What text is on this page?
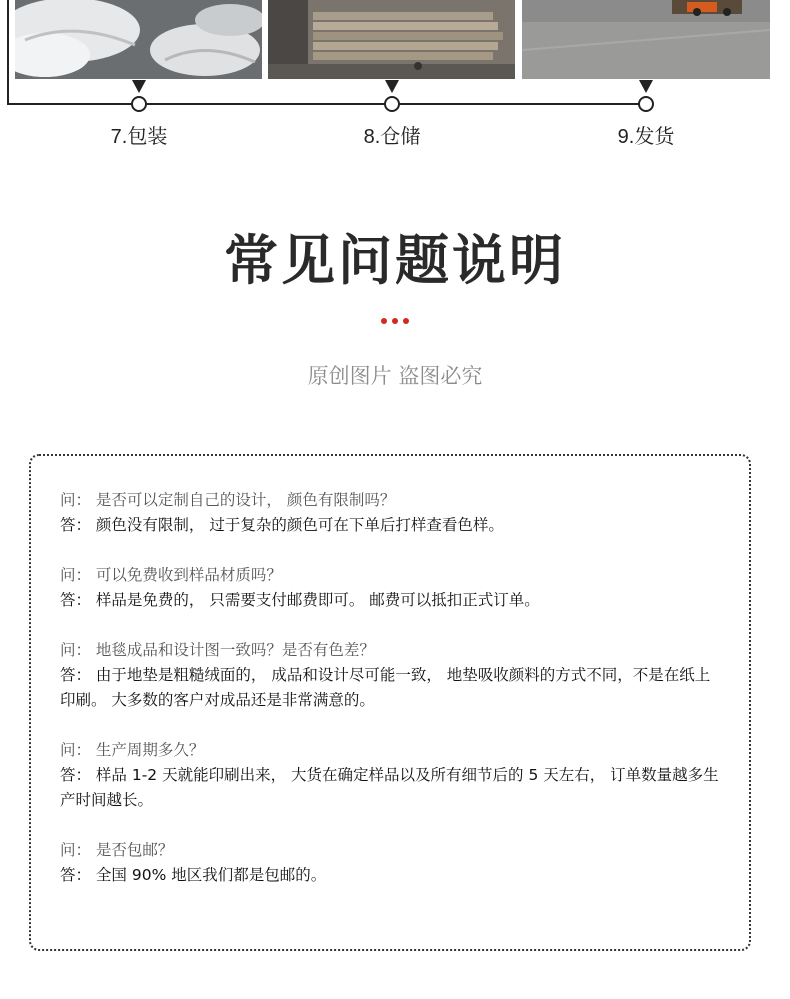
7.包装	8.仓储	9.发货
常见问题说明
原创图片 盗图必究
问： 是否可以定制自己的设计， 颜色有限制吗？
答： 颜色没有限制， 过于复杂的颜色可在下单后打样查看色样。
问： 可以免费收到样品材质吗？
答： 样品是免费的， 只需要支付邮费即可。 邮费可以抵扣正式订单。
问： 地毯成品和设计图一致吗？是否有色差？
答： 由于地垫是粗糙绒面的， 成品和设计尽可能一致， 地垫吸收颜料的方式不同，不是在纸上印刷。 大多数的客户对成品还是非常满意的。
问： 生产周期多久？
答： 样品 1-2 天就能印刷出来， 大货在确定样品以及所有细节后的 5 天左右， 订单数量越多生产时间越长。
问： 是否包邮？
答： 全国 90% 地区我们都是包邮的。
